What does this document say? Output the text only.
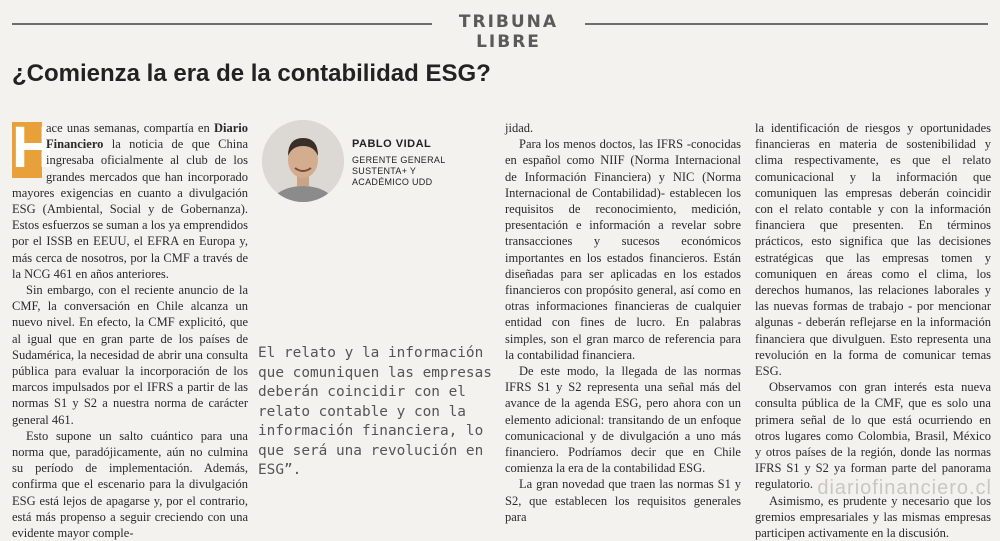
TRIBUNA LIBRE
¿Comienza la era de la contabilidad ESG?

H
ace unas semanas, compartía en Diario Financiero la noticia de que China ingresaba oficialmente al club de los grandes mercados que han incorporado mayores exigencias en cuanto a divulgación ESG (Ambiental, Social y de Gobernanza). Estos esfuerzos se suman a los ya emprendidos por el ISSB en EEUU, el EFRA en Europa y, más cerca de nosotros, por la CMF a través de la NCG 461 en años anteriores.

Sin embargo, con el reciente anuncio de la CMF, la conversación en Chile alcanza un nuevo nivel. En efecto, la CMF explicitó, que al igual que en gran parte de los países de Sudamérica, la necesidad de abrir una consulta pública para evaluar la incorporación de los marcos impulsados por el IFRS a partir de las normas S1 y S2 a nuestra norma de carácter general 461.

Esto supone un salto cuántico para una norma que, paradójicamente, aún no culmina su período de implementación. Además, confirma que el escenario para la divulgación ESG está lejos de apagarse y, por el contrario, está más propenso a seguir creciendo con una evidente mayor comple-

PABLO VIDAL
GERENTE GENERAL
SUSTENTA+ Y
ACADÉMICO UDD
El relato y la información que comuniquen las empresas deberán coincidir con el relato contable y con la información financiera, lo que será una revolución en ESG”.

jidad.

Para los menos doctos, las IFRS -conocidas en español como NIIF (Norma Internacional de Información Financiera) y NIC (Norma Internacional de Contabilidad)- establecen los requisitos de reconocimiento, medición, presentación e información a revelar sobre transacciones y sucesos económicos importantes en los estados financieros. Están diseñadas para ser aplicadas en los estados financieros con propósito general, así como en otras informaciones financieras de cualquier entidad con fines de lucro. En palabras simples, son el gran marco de referencia para la contabilidad financiera.

De este modo, la llegada de las normas IFRS S1 y S2 representa una señal más del avance de la agenda ESG, pero ahora con un elemento adicional: transitando de un enfoque comunicacional y de divulgación a uno más financiero. Podríamos decir que en Chile comienza la era de la contabilidad ESG.

La gran novedad que traen las normas S1 y S2, que establecen los requisitos generales para

la identificación de riesgos y oportunidades financieras en materia de sostenibilidad y clima respectivamente, es que el relato comunicacional y la información que comuniquen las empresas deberán coincidir con el relato contable y con la información financiera que presenten. En términos prácticos, esto significa que las decisiones estratégicas que las empresas tomen y comuniquen en áreas como el clima, los derechos humanos, las relaciones laborales y las nuevas formas de trabajo - por mencionar algunas - deberán reflejarse en la información financiera que divulguen. Esto representa una revolución en la forma de comunicar temas ESG.

Observamos con gran interés esta nueva consulta pública de la CMF, que es solo una primera señal de lo que está ocurriendo en otros lugares como Colombia, Brasil, México y otros países de la región, donde las normas IFRS S1 y S2 ya forman parte del panorama regulatorio.

Asimismo, es prudente y necesario que los gremios empresariales y las mismas empresas participen activamente en la discusión.

diariofinanciero.cl
